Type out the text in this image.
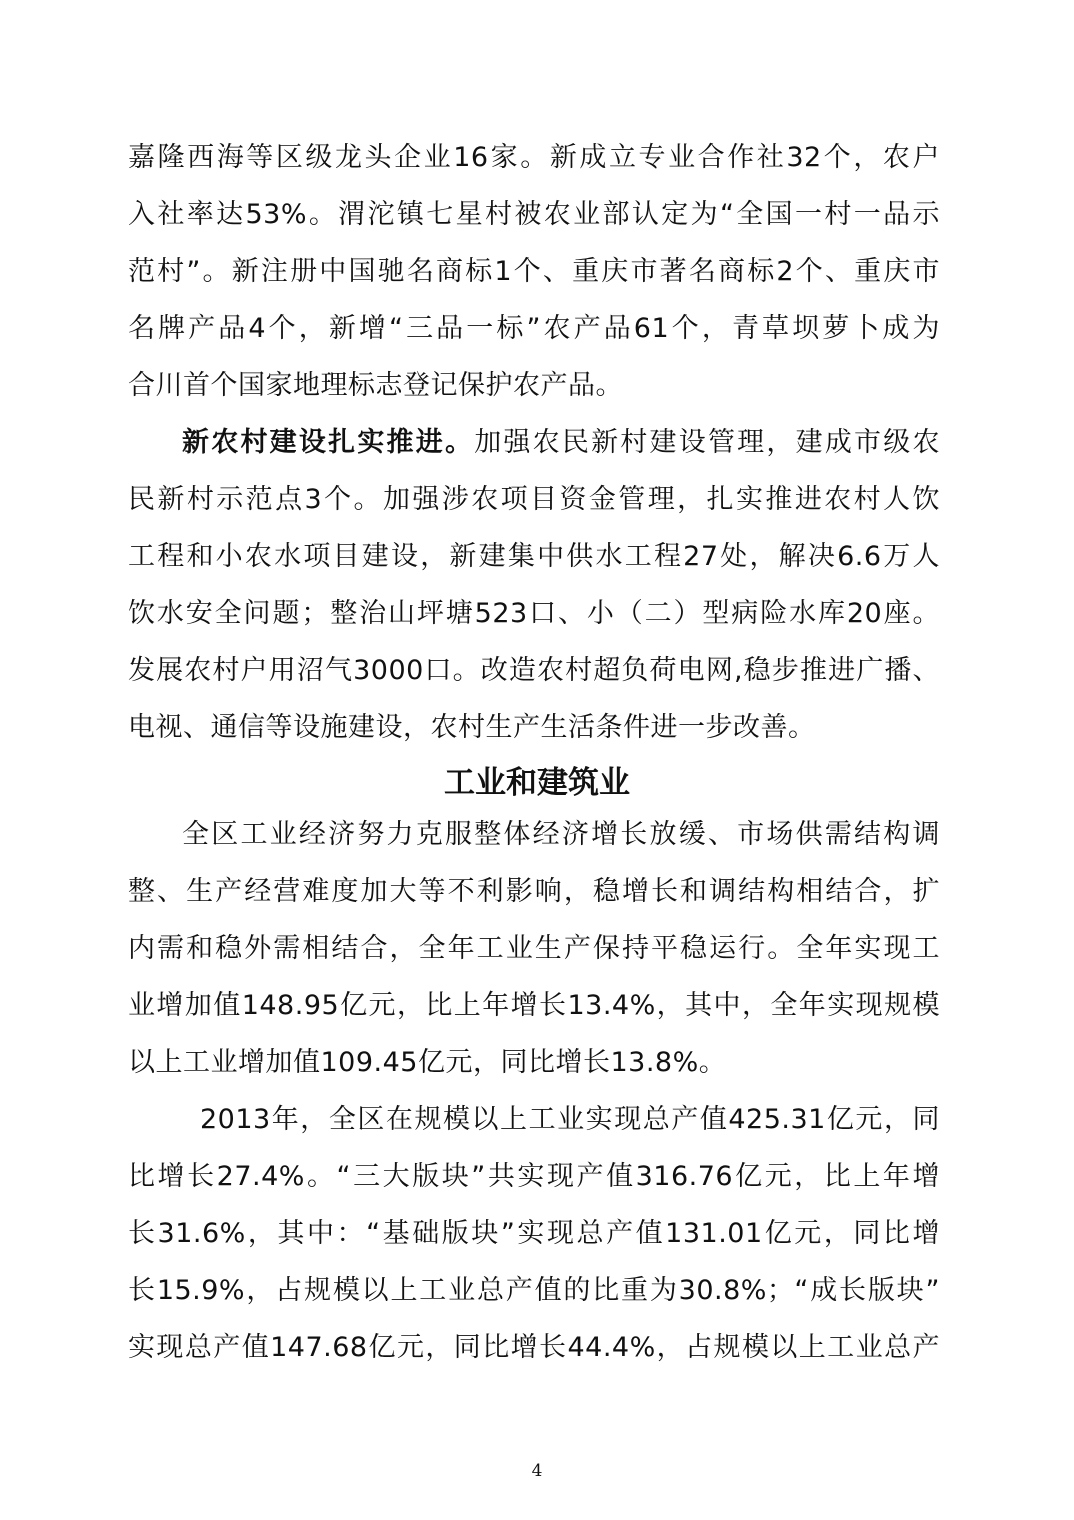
嘉隆西海等区级龙头企业16家。新成立专业合作社32个，农户
入社率达53%。渭沱镇七星村被农业部认定为“全国一村一品示
范村”。新注册中国驰名商标1个、重庆市著名商标2个、重庆市
名牌产品4个，新增“三品一标”农产品61个，青草坝萝卜成为
合川首个国家地理标志登记保护农产品。
新农村建设扎实推进。加强农民新村建设管理，建成市级农
民新村示范点3个。加强涉农项目资金管理，扎实推进农村人饮
工程和小农水项目建设，新建集中供水工程27处，解决6.6万人
饮水安全问题；整治山坪塘523口、小（二）型病险水库20座。
发展农村户用沼气3000口。改造农村超负荷电网,稳步推进广播、
电视、通信等设施建设，农村生产生活条件进一步改善。
工业和建筑业
全区工业经济努力克服整体经济增长放缓、市场供需结构调
整、生产经营难度加大等不利影响，稳增长和调结构相结合，扩
内需和稳外需相结合，全年工业生产保持平稳运行。全年实现工
业增加值148.95亿元，比上年增长13.4%，其中，全年实现规模
以上工业增加值109.45亿元，同比增长13.8%。
2013年，全区在规模以上工业实现总产值425.31亿元，同
比增长27.4%。“三大版块”共实现产值316.76亿元，比上年增
长31.6%，其中：“基础版块”实现总产值131.01亿元，同比增
长15.9%，占规模以上工业总产值的比重为30.8%；“成长版块”
实现总产值147.68亿元，同比增长44.4%，占规模以上工业总产
4
